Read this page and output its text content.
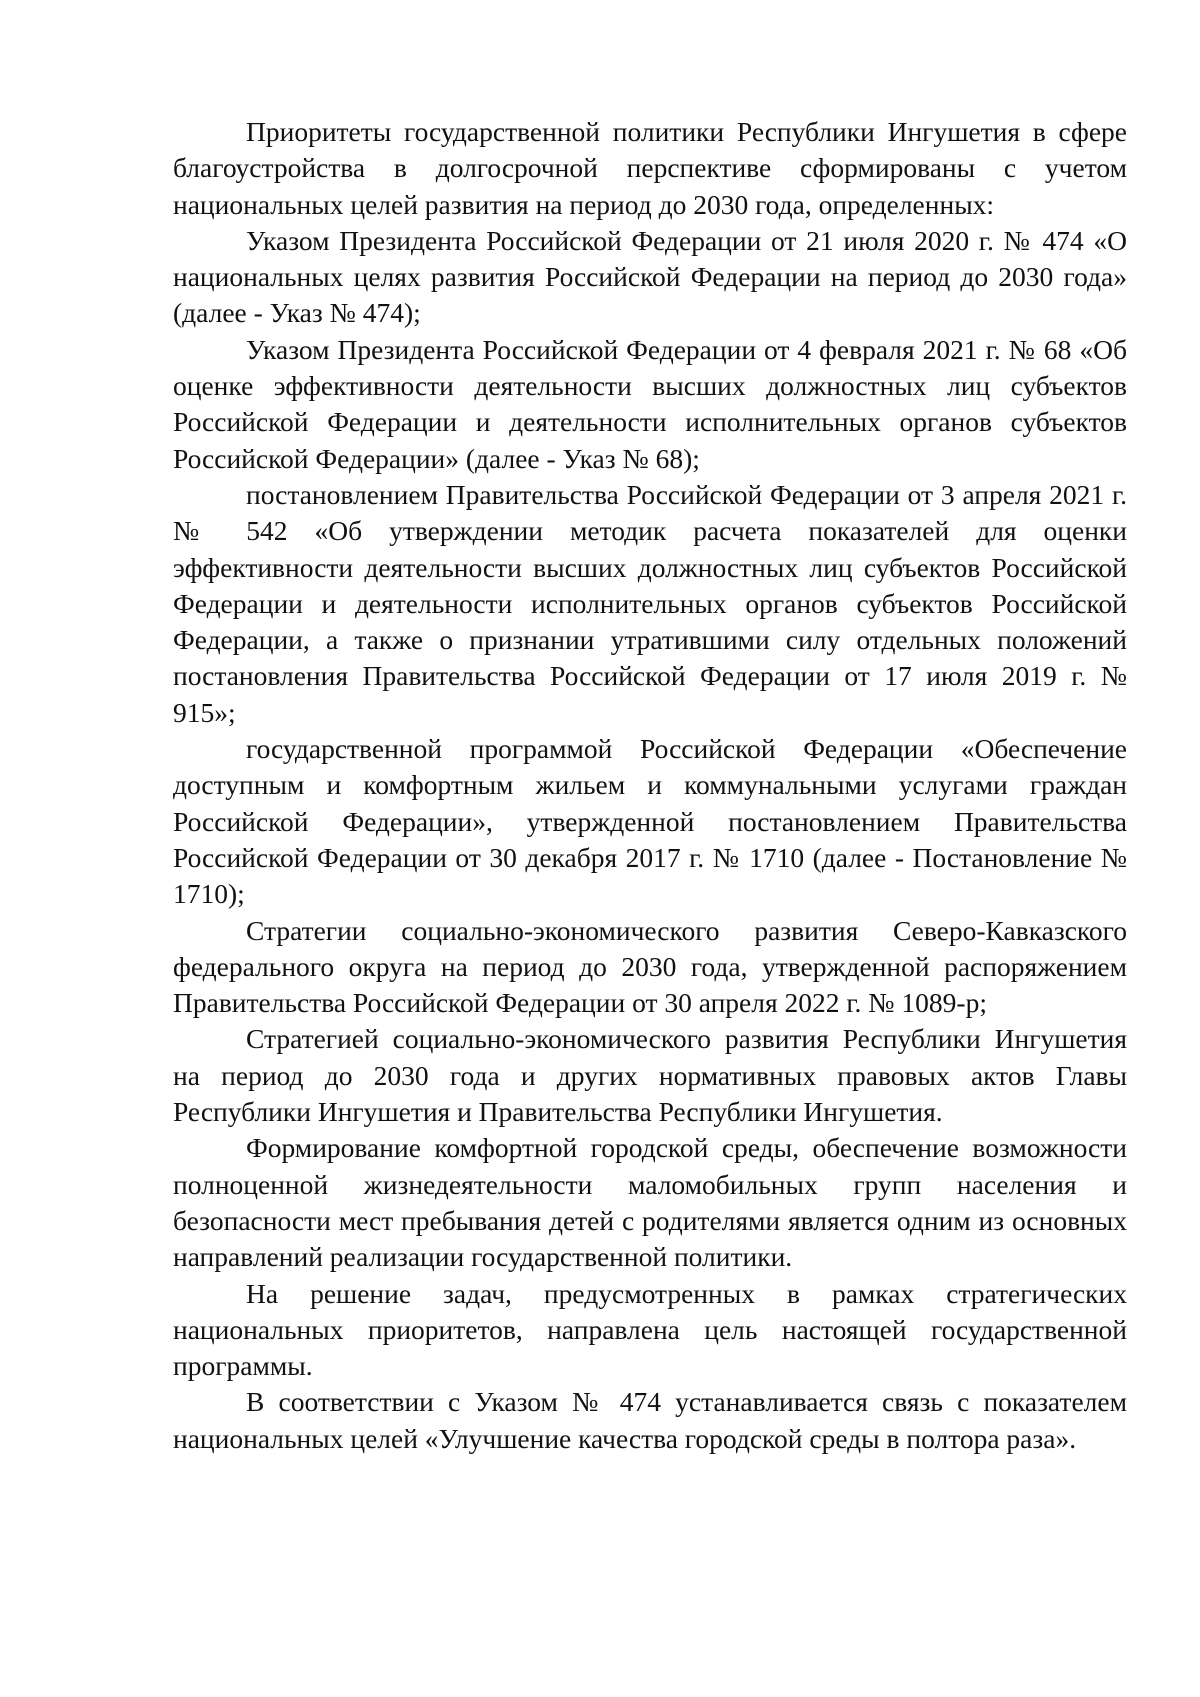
Приоритеты государственной политики Республики Ингушетия в сфере благоустройства в долгосрочной перспективе сформированы с учетом национальных целей развития на период до 2030 года, определенных:

Указом Президента Российской Федерации от 21 июля 2020 г. № 474 «О национальных целях развития Российской Федерации на период до 2030 года» (далее - Указ № 474);

Указом Президента Российской Федерации от 4 февраля 2021 г. № 68 «Об оценке эффективности деятельности высших должностных лиц субъектов Российской Федерации и деятельности исполнительных органов субъектов Российской Федерации» (далее - Указ № 68);

постановлением Правительства Российской Федерации от 3 апреля 2021 г. № 542 «Об утверждении методик расчета показателей для оценки эффективности деятельности высших должностных лиц субъектов Российской Федерации и деятельности исполнительных органов субъектов Российской Федерации, а также о признании утратившими силу отдельных положений постановления Правительства Российской Федерации от 17 июля 2019 г. № 915»;

государственной программой Российской Федерации «Обеспечение доступным и комфортным жильем и коммунальными услугами граждан Российской Федерации», утвержденной постановлением Правительства Российской Федерации от 30 декабря 2017 г. № 1710 (далее - Постановление № 1710);

Стратегии социально-экономического развития Северо-Кавказского федерального округа на период до 2030 года, утвержденной распоряжением Правительства Российской Федерации от 30 апреля 2022 г. № 1089-р;

Стратегией социально-экономического развития Республики Ингушетия на период до 2030 года и других нормативных правовых актов Главы Республики Ингушетия и Правительства Республики Ингушетия.

Формирование комфортной городской среды, обеспечение возможности полноценной жизнедеятельности маломобильных групп населения и безопасности мест пребывания детей с родителями является одним из основных направлений реализации государственной политики.

На решение задач, предусмотренных в рамках стратегических национальных приоритетов, направлена цель настоящей государственной программы.

В соответствии с Указом № 474 устанавливается связь с показателем национальных целей «Улучшение качества городской среды в полтора раза».
